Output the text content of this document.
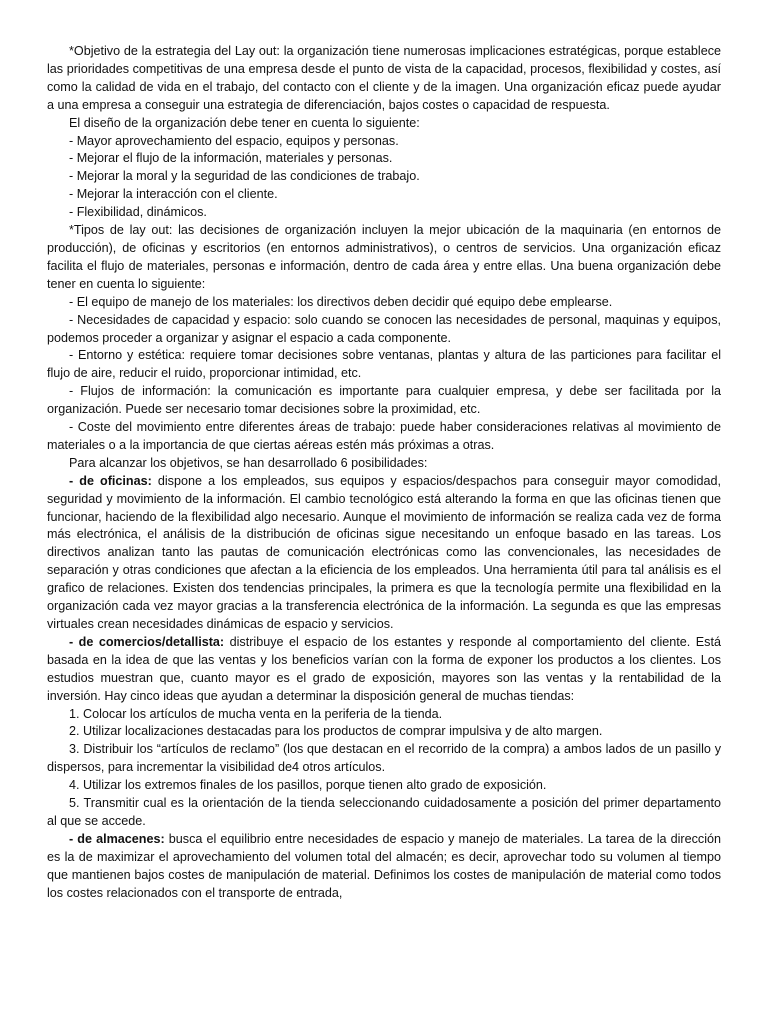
*Objetivo de la estrategia del Lay out: la organización tiene numerosas implicaciones estratégicas, porque establece las prioridades competitivas de una empresa desde el punto de vista de la capacidad, procesos, flexibilidad y costes, así como la calidad de vida en el trabajo, del contacto con el cliente y de la imagen. Una organización eficaz puede ayudar a una empresa a conseguir una estrategia de diferenciación, bajos costes o capacidad de respuesta.

El diseño de la organización debe tener en cuenta lo siguiente:

- Mayor aprovechamiento del espacio, equipos y personas.

- Mejorar el flujo de la información, materiales y personas.

- Mejorar la moral y la seguridad de las condiciones de trabajo.

- Mejorar la interacción con el cliente.

- Flexibilidad, dinámicos.

*Tipos de lay out: las decisiones de organización incluyen la mejor ubicación de la maquinaria (en entornos de producción), de oficinas y escritorios (en entornos administrativos), o centros de servicios. Una organización eficaz facilita el flujo de materiales, personas e información, dentro de cada área y entre ellas. Una buena organización debe tener en cuenta lo siguiente:

- El equipo de manejo de los materiales: los directivos deben decidir qué equipo debe emplearse.

- Necesidades de capacidad y espacio: solo cuando se conocen las necesidades de personal, maquinas y equipos, podemos proceder a organizar y asignar el espacio a cada componente.

- Entorno y estética: requiere tomar decisiones sobre ventanas, plantas y altura de las particiones para facilitar el flujo de aire, reducir el ruido, proporcionar intimidad, etc.

- Flujos de información: la comunicación es importante para cualquier empresa, y debe ser facilitada por la organización. Puede ser necesario tomar decisiones sobre la proximidad, etc.

- Coste del movimiento entre diferentes áreas de trabajo: puede haber consideraciones relativas al movimiento de materiales o a la importancia de que ciertas aéreas estén más próximas a otras.

Para alcanzar los objetivos, se han desarrollado 6 posibilidades:

- de oficinas: dispone a los empleados, sus equipos y espacios/despachos para conseguir mayor comodidad, seguridad y movimiento de la información. El cambio tecnológico está alterando la forma en que las oficinas tienen que funcionar, haciendo de la flexibilidad algo necesario. Aunque el movimiento de información se realiza cada vez de forma más electrónica, el análisis de la distribución de oficinas sigue necesitando un enfoque basado en las tareas. Los directivos analizan tanto las pautas de comunicación electrónicas como las convencionales, las necesidades de separación y otras condiciones que afectan a la eficiencia de los empleados. Una herramienta útil para tal análisis es el grafico de relaciones. Existen dos tendencias principales, la primera es que la tecnología permite una flexibilidad en la organización cada vez mayor gracias a la transferencia electrónica de la información. La segunda es que las empresas virtuales crean necesidades dinámicas de espacio y servicios.

- de comercios/detallista: distribuye el espacio de los estantes y responde al comportamiento del cliente. Está basada en la idea de que las ventas y los beneficios varían con la forma de exponer los productos a los clientes. Los estudios muestran que, cuanto mayor es el grado de exposición, mayores son las ventas y la rentabilidad de la inversión. Hay cinco ideas que ayudan a determinar la disposición general de muchas tiendas:

1. Colocar los artículos de mucha venta en la periferia de la tienda.

2. Utilizar localizaciones destacadas para los productos de comprar impulsiva y de alto margen.

3. Distribuir los “artículos de reclamo” (los que destacan en el recorrido de la compra) a ambos lados de un pasillo y dispersos, para incrementar la visibilidad de4 otros artículos.

4. Utilizar los extremos finales de los pasillos, porque tienen alto grado de exposición.

5. Transmitir cual es la orientación de la tienda seleccionando cuidadosamente a posición del primer departamento al que se accede.

- de almacenes: busca el equilibrio entre necesidades de espacio y manejo de materiales. La tarea de la dirección es la de maximizar el aprovechamiento del volumen total del almacén; es decir, aprovechar todo su volumen al tiempo que mantienen bajos costes de manipulación de material. Definimos los costes de manipulación de material como todos los costes relacionados con el transporte de entrada,
